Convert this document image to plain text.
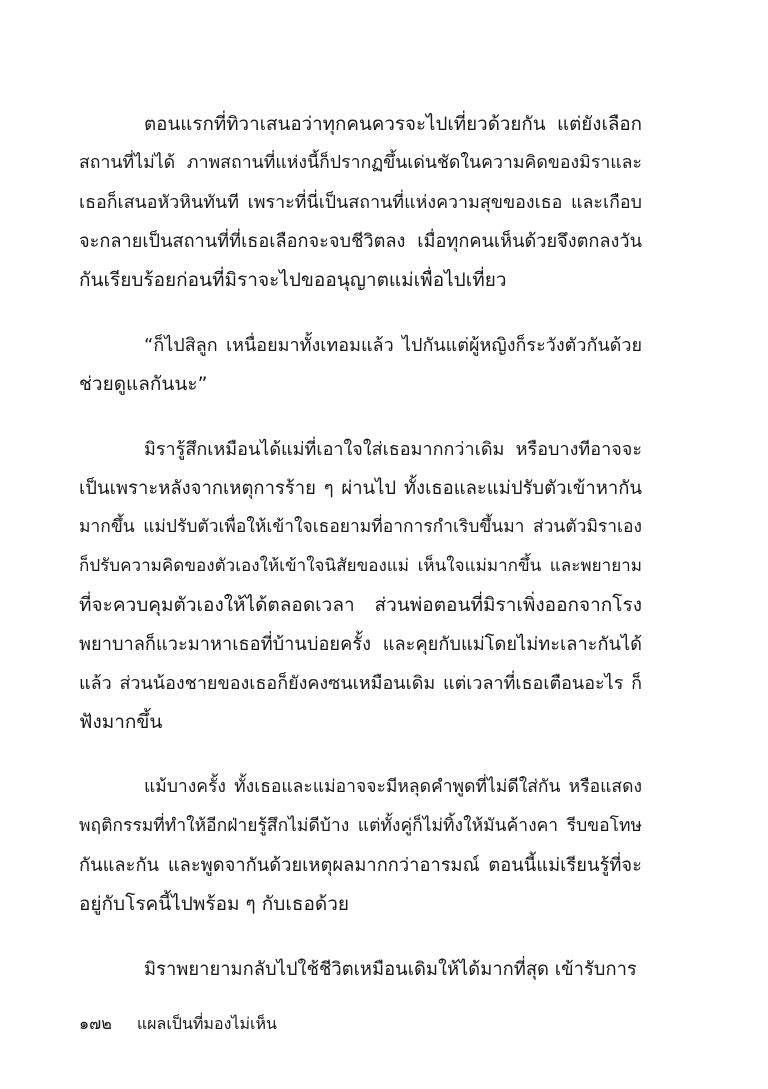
ตอนแรกที่ทิวาเสนอว่าทุกคนควรจะไปเที่ยวด้วยกัน แต่ยังเลือก
สถานที่ไม่ได้ ภาพสถานที่แห่งนี้ก็ปรากฏขึ้นเด่นชัดในความคิดของมิราและ
เธอก็เสนอหัวหินทันที เพราะที่นี่เป็นสถานที่แห่งความสุขของเธอ และเกือบ
จะกลายเป็นสถานที่ที่เธอเลือกจะจบชีวิตลง เมื่อทุกคนเห็นด้วยจึงตกลงวัน
กันเรียบร้อยก่อนที่มิราจะไปขออนุญาตแม่เพื่อไปเที่ยว
“ก็ไปสิลูก เหนื่อยมาทั้งเทอมแล้ว ไปกันแต่ผู้หญิงก็ระวังตัวกันด้วย
ช่วยดูแลกันนะ”
มิรารู้สึกเหมือนได้แม่ที่เอาใจใส่เธอมากกว่าเดิม หรือบางทีอาจจะ
เป็นเพราะหลังจากเหตุการร้าย ๆ ผ่านไป ทั้งเธอและแม่ปรับตัวเข้าหากัน
มากขึ้น แม่ปรับตัวเพื่อให้เข้าใจเธอยามที่อาการกำเริบขึ้นมา ส่วนตัวมิราเอง
ก็ปรับความคิดของตัวเองให้เข้าใจนิสัยของแม่ เห็นใจแม่มากขึ้น และพยายาม
ที่จะควบคุมตัวเองให้ได้ตลอดเวลา ส่วนพ่อตอนที่มิราเพิ่งออกจากโรง
พยาบาลก็แวะมาหาเธอที่บ้านบ่อยครั้ง และคุยกับแม่โดยไม่ทะเลาะกันได้
แล้ว ส่วนน้องชายของเธอก็ยังคงซนเหมือนเดิม แต่เวลาที่เธอเตือนอะไร ก็
ฟังมากขึ้น
แม้บางครั้ง ทั้งเธอและแม่อาจจะมีหลุดคำพูดที่ไม่ดีใส่กัน หรือแสดง
พฤติกรรมที่ทำให้อีกฝ่ายรู้สึกไม่ดีบ้าง แต่ทั้งคู่ก็ไม่ทิ้งให้มันค้างคา รีบขอโทษ
กันและกัน และพูดจากันด้วยเหตุผลมากกว่าอารมณ์ ตอนนี้แม่เรียนรู้ที่จะ
อยู่กับโรคนี้ไปพร้อม ๆ กับเธอด้วย
มิราพยายามกลับไปใช้ชีวิตเหมือนเดิมให้ได้มากที่สุด เข้ารับการ
๑๗๒ แผลเป็นที่มองไม่เห็น
